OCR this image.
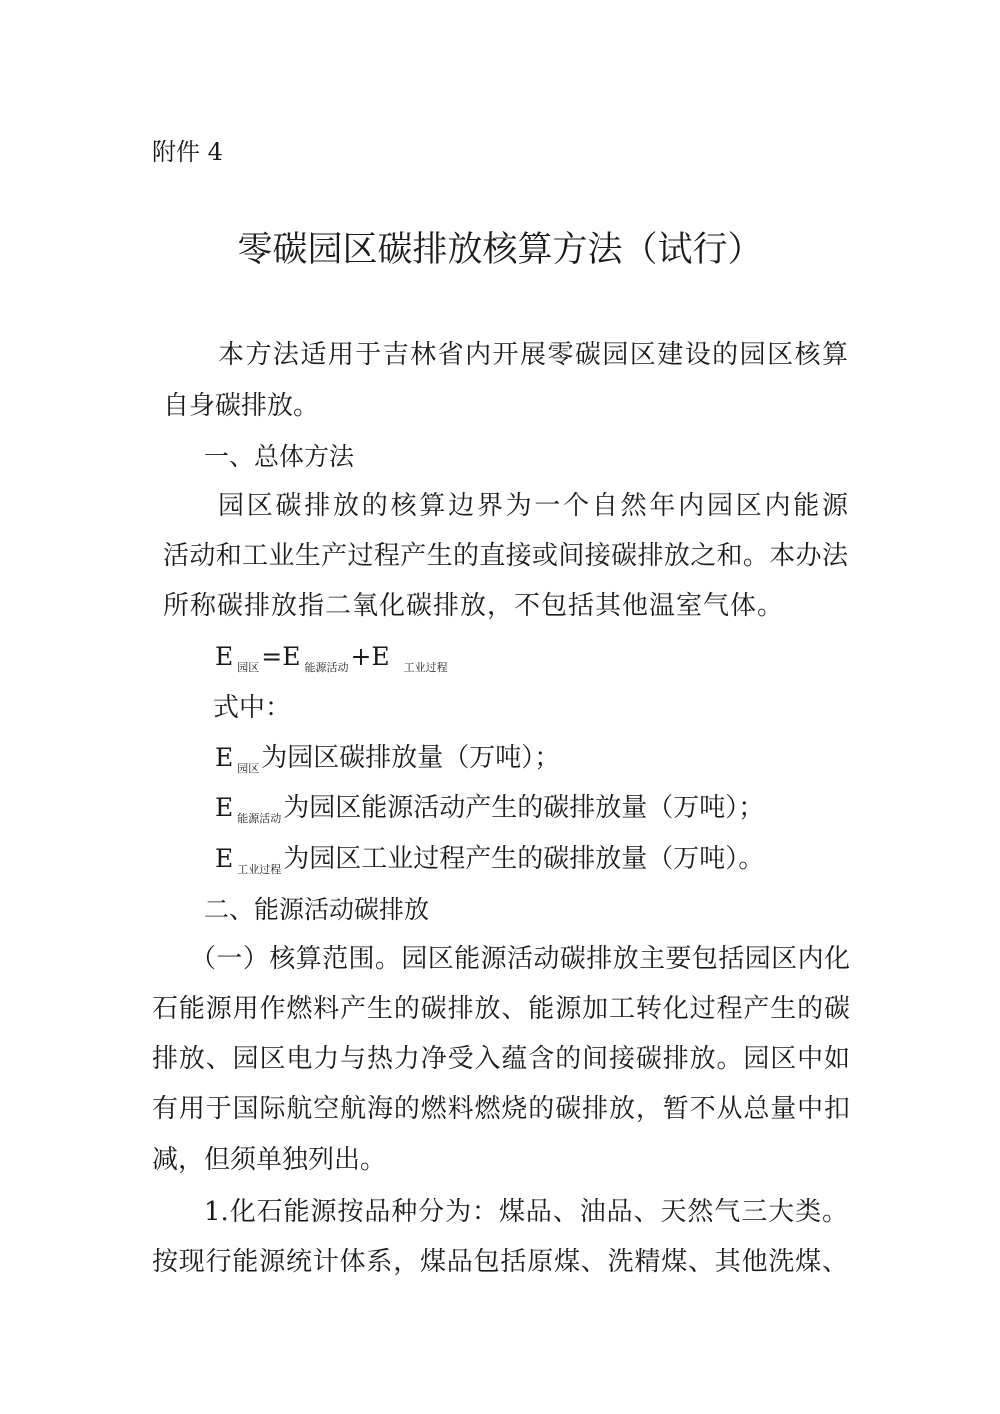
附件 4
零碳园区碳排放核算方法（试行）
本方法适用于吉林省内开展零碳园区建设的园区核算
自身碳排放。
一、总体方法
园区碳排放的核算边界为一个自然年内园区内能源
活动和工业生产过程产生的直接或间接碳排放之和。本办法
所称碳排放指二氧化碳排放，不包括其他温室气体。
E $_{园区}$=E $_{能源活动}$+E $_{工业过程}$
式中：
E $_{园区}$为园区碳排放量（万吨）；
E $_{能源活动}$为园区能源活动产生的碳排放量（万吨）；
E $_{工业过程}$为园区工业过程产生的碳排放量（万吨）。
二、能源活动碳排放
（一）核算范围。园区能源活动碳排放主要包括园区内化
石能源用作燃料产生的碳排放、能源加工转化过程产生的碳
排放、园区电力与热力净受入蕴含的间接碳排放。园区中如
有用于国际航空航海的燃料燃烧的碳排放，暂不从总量中扣
减，但须单独列出。
1.化石能源按品种分为：煤品、油品、天然气三大类。
按现行能源统计体系，煤品包括原煤、洗精煤、其他洗煤、
